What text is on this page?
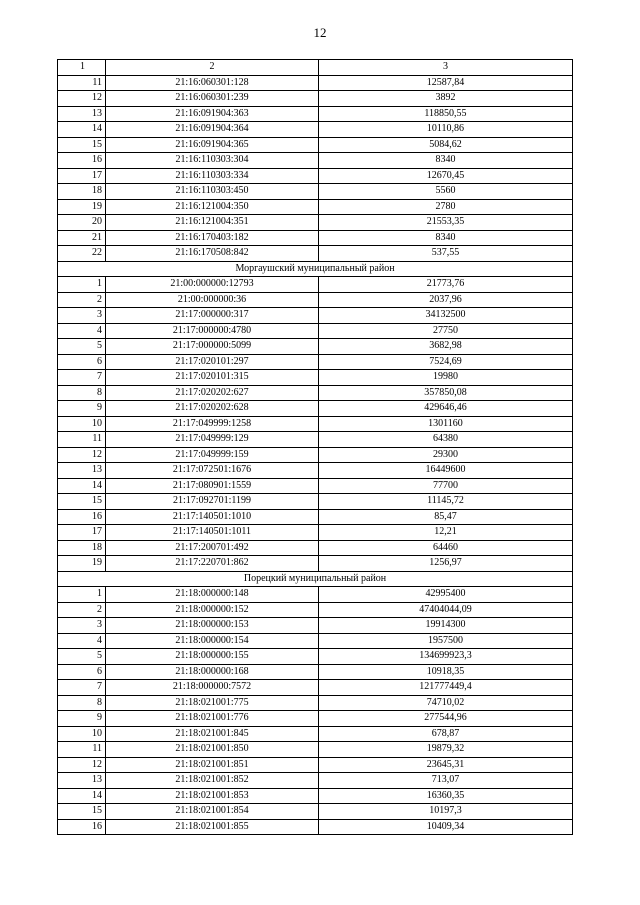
12
1	2	3
11	21:16:060301:128	12587,84
12	21:16:060301:239	3892
13	21:16:091904:363	118850,55
14	21:16:091904:364	10110,86
15	21:16:091904:365	5084,62
16	21:16:110303:304	8340
17	21:16:110303:334	12670,45
18	21:16:110303:450	5560
19	21:16:121004:350	2780
20	21:16:121004:351	21553,35
21	21:16:170403:182	8340
22	21:16:170508:842	537,55
Моргаушский муниципальный район		
1	21:00:000000:12793	21773,76
2	21:00:000000:36	2037,96
3	21:17:000000:317	34132500
4	21:17:000000:4780	27750
5	21:17:000000:5099	3682,98
6	21:17:020101:297	7524,69
7	21:17:020101:315	19980
8	21:17:020202:627	357850,08
9	21:17:020202:628	429646,46
10	21:17:049999:1258	1301160
11	21:17:049999:129	64380
12	21:17:049999:159	29300
13	21:17:072501:1676	16449600
14	21:17:080901:1559	77700
15	21:17:092701:1199	11145,72
16	21:17:140501:1010	85,47
17	21:17:140501:1011	12,21
18	21:17:200701:492	64460
19	21:17:220701:862	1256,97
Порецкий муниципальный район		
1	21:18:000000:148	42995400
2	21:18:000000:152	47404044,09
3	21:18:000000:153	19914300
4	21:18:000000:154	1957500
5	21:18:000000:155	134699923,3
6	21:18:000000:168	10918,35
7	21:18:000000:7572	121777449,4
8	21:18:021001:775	74710,02
9	21:18:021001:776	277544,96
10	21:18:021001:845	678,87
11	21:18:021001:850	19879,32
12	21:18:021001:851	23645,31
13	21:18:021001:852	713,07
14	21:18:021001:853	16360,35
15	21:18:021001:854	10197,3
16	21:18:021001:855	10409,34
